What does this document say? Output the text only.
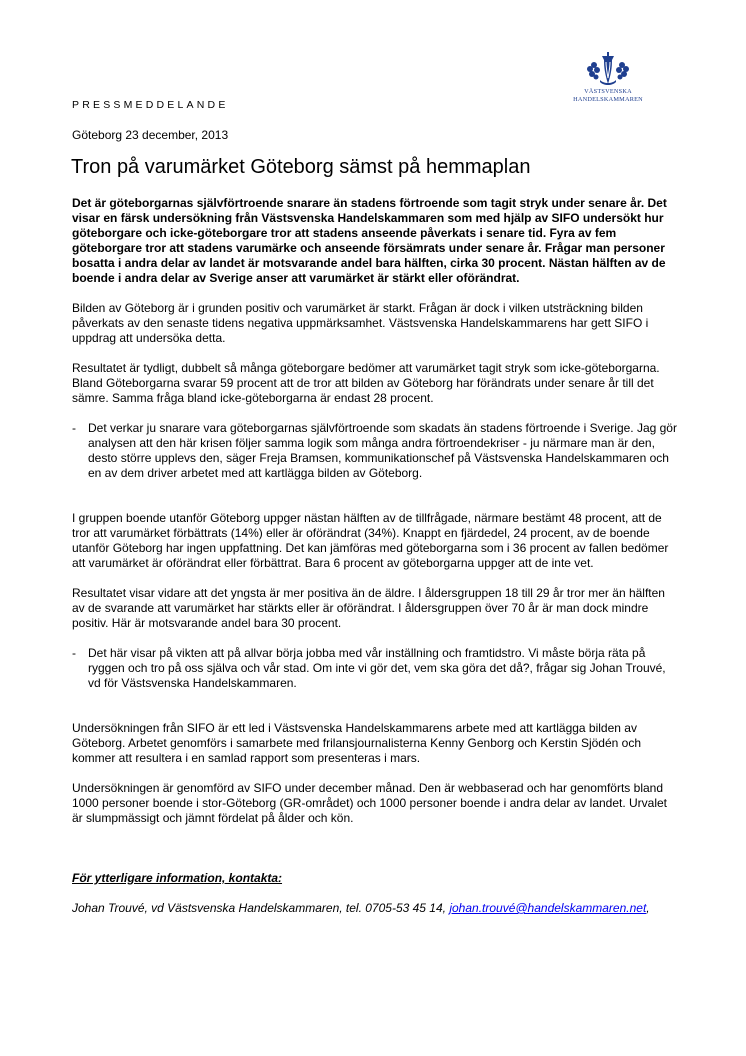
VÄSTSVENSKA
HANDELSKAMMAREN
PRESSMEDDELANDE
Göteborg 23 december, 2013
Tron på varumärket Göteborg sämst på hemmaplan

Det är göteborgarnas självförtroende snarare än stadens förtroende som tagit stryk under senare år. Det visar en färsk undersökning från Västsvenska Handelskammaren som med hjälp av SIFO undersökt hur göteborgare och icke-göteborgare tror att stadens anseende påverkats i senare tid. Fyra av fem göteborgare tror att stadens varumärke och anseende försämrats under senare år. Frågar man personer bosatta i andra delar av landet är motsvarande andel bara hälften, cirka 30 procent. Nästan hälften av de boende i andra delar av Sverige anser att varumärket är stärkt eller oförändrat.

Bilden av Göteborg är i grunden positiv och varumärket är starkt. Frågan är dock i vilken utsträckning bilden påverkats av den senaste tidens negativa uppmärksamhet. Västsvenska Handelskammarens har gett SIFO i uppdrag att undersöka detta.

Resultatet är tydligt, dubbelt så många göteborgare bedömer att varumärket tagit stryk som icke-göteborgarna. Bland Göteborgarna svarar 59 procent att de tror att bilden av Göteborg har förändrats under senare år till det sämre. Samma fråga bland icke-göteborgarna är endast 28 procent.

- Det verkar ju snarare vara göteborgarnas självförtroende som skadats än stadens förtroende i Sverige. Jag gör analysen att den här krisen följer samma logik som många andra förtroendekriser - ju närmare man är den, desto större upplevs den, säger Freja Bramsen, kommunikationschef på Västsvenska Handelskammaren och en av dem driver arbetet med att kartlägga bilden av Göteborg.

I gruppen boende utanför Göteborg uppger nästan hälften av de tillfrågade, närmare bestämt 48 procent, att de tror att varumärket förbättrats (14%) eller är oförändrat (34%). Knappt en fjärdedel, 24 procent, av de boende utanför Göteborg har ingen uppfattning. Det kan jämföras med göteborgarna som i 36 procent av fallen bedömer att varumärket är oförändrat eller förbättrat. Bara 6 procent av göteborgarna uppger att de inte vet.

Resultatet visar vidare att det yngsta är mer positiva än de äldre. I åldersgruppen 18 till 29 år tror mer än hälften av de svarande att varumärket har stärkts eller är oförändrat. I åldersgruppen över 70 år är man dock mindre positiv. Här är motsvarande andel bara 30 procent.

- Det här visar på vikten att på allvar börja jobba med vår inställning och framtidstro. Vi måste börja räta på ryggen och tro på oss själva och vår stad. Om inte vi gör det, vem ska göra det då?, frågar sig Johan Trouvé, vd för Västsvenska Handelskammaren.

Undersökningen från SIFO är ett led i Västsvenska Handelskammarens arbete med att kartlägga bilden av Göteborg. Arbetet genomförs i samarbete med frilansjournalisterna Kenny Genborg och Kerstin Sjödén och kommer att resultera i en samlad rapport som presenteras i mars.

Undersökningen är genomförd av SIFO under december månad. Den är webbaserad och har genomförts bland 1000 personer boende i stor-Göteborg (GR-området) och 1000 personer boende i andra delar av landet. Urvalet är slumpmässigt och jämnt fördelat på ålder och kön.

För ytterligare information, kontakta:

Johan Trouvé, vd Västsvenska Handelskammaren, tel. 0705-53 45 14, johan.trouvé@handelskammaren.net,
